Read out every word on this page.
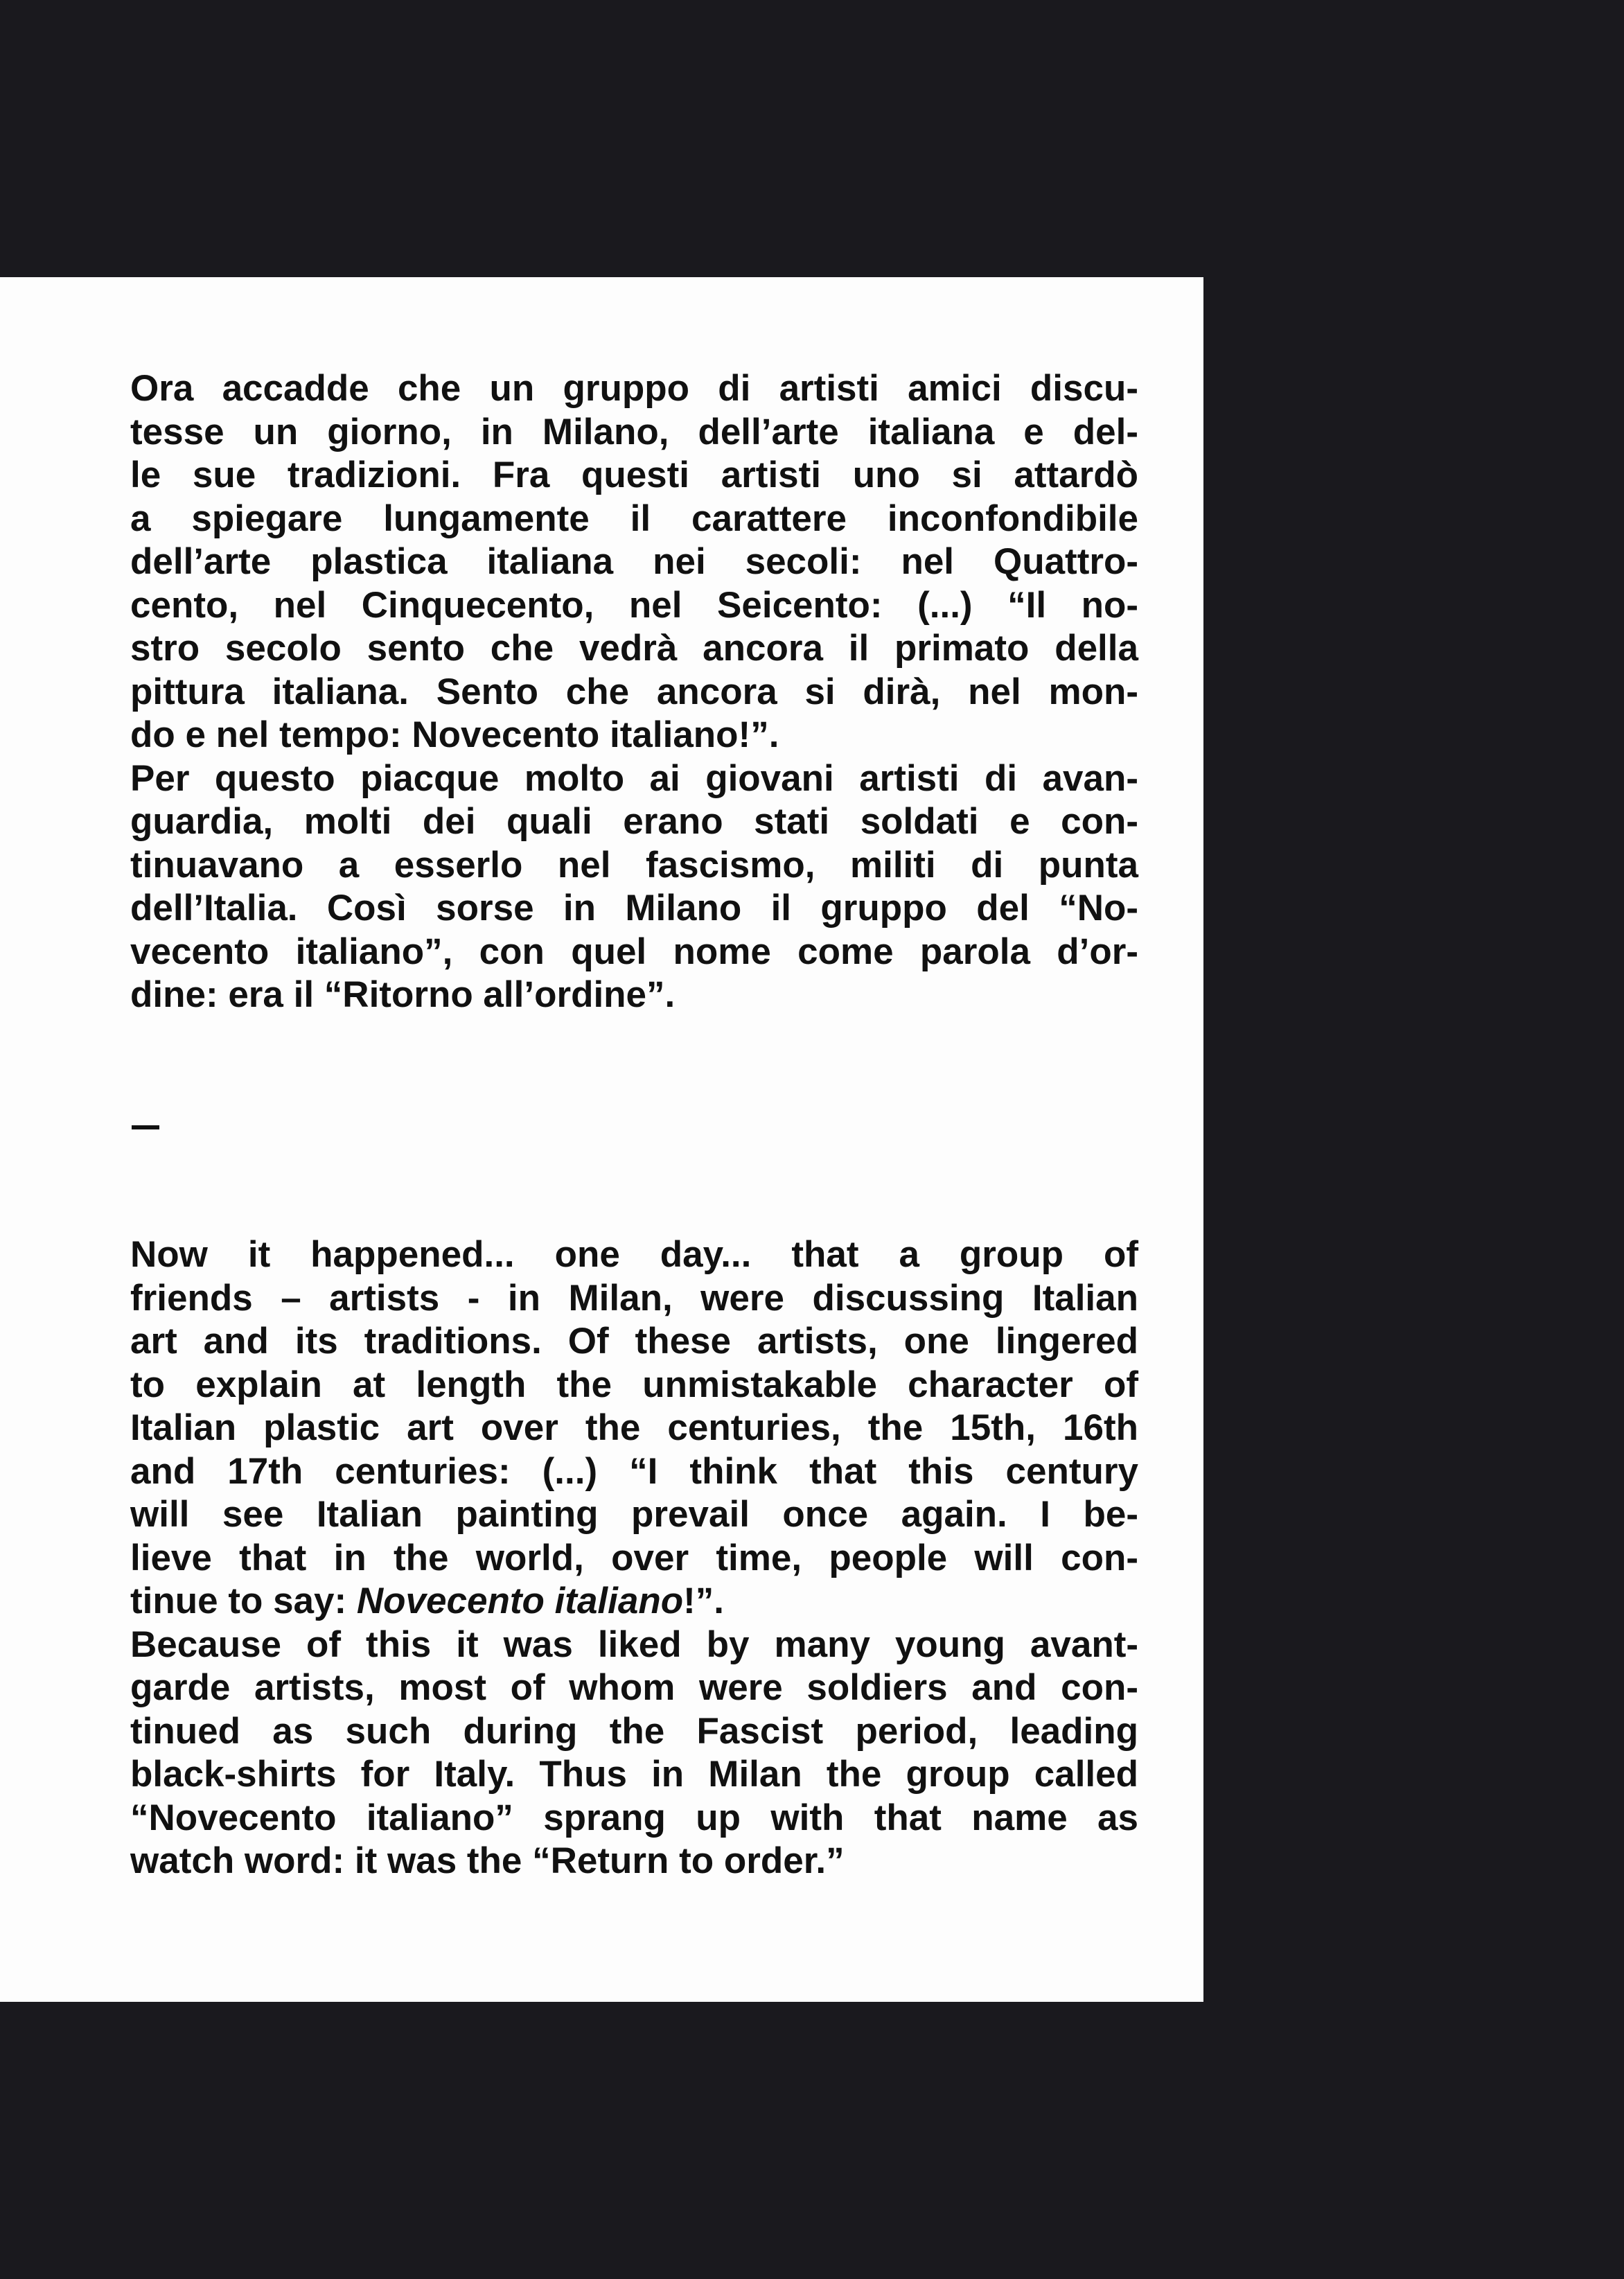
Ora accadde che un gruppo di artisti amici discu-
tesse un giorno, in Milano, dell’arte italiana e del-
le sue tradizioni. Fra questi artisti uno si attardò
a spiegare lungamente il carattere inconfondibile
dell’arte plastica italiana nei secoli: nel Quattro-
cento, nel Cinquecento, nel Seicento: (...) “Il no-
stro secolo sento che vedrà ancora il primato della
pittura italiana. Sento che ancora si dirà, nel mon-
do e nel tempo: Novecento italiano!”.

Per questo piacque molto ai giovani artisti di avan-
guardia, molti dei quali erano stati soldati e con-
tinuavano a esserlo nel fascismo, militi di punta
dell’Italia. Così sorse in Milano il gruppo del “No-
vecento italiano”, con quel nome come parola d’or-
dine: era il “Ritorno all’ordine”.

Now it happened... one day... that a group of
friends – artists - in Milan, were discussing Italian
art and its traditions. Of these artists, one lingered
to explain at length the unmistakable character of
Italian plastic art over the centuries, the 15th, 16th
and 17th centuries: (...) “I think that this century
will see Italian painting prevail once again. I be-
lieve that in the world, over time, people will con-
tinue to say: Novecento italiano!”.

Because of this it was liked by many young avant-
garde artists, most of whom were soldiers and con-
tinued as such during the Fascist period, leading
black-shirts for Italy. Thus in Milan the group called
“Novecento italiano” sprang up with that name as
watch word: it was the “Return to order.”
